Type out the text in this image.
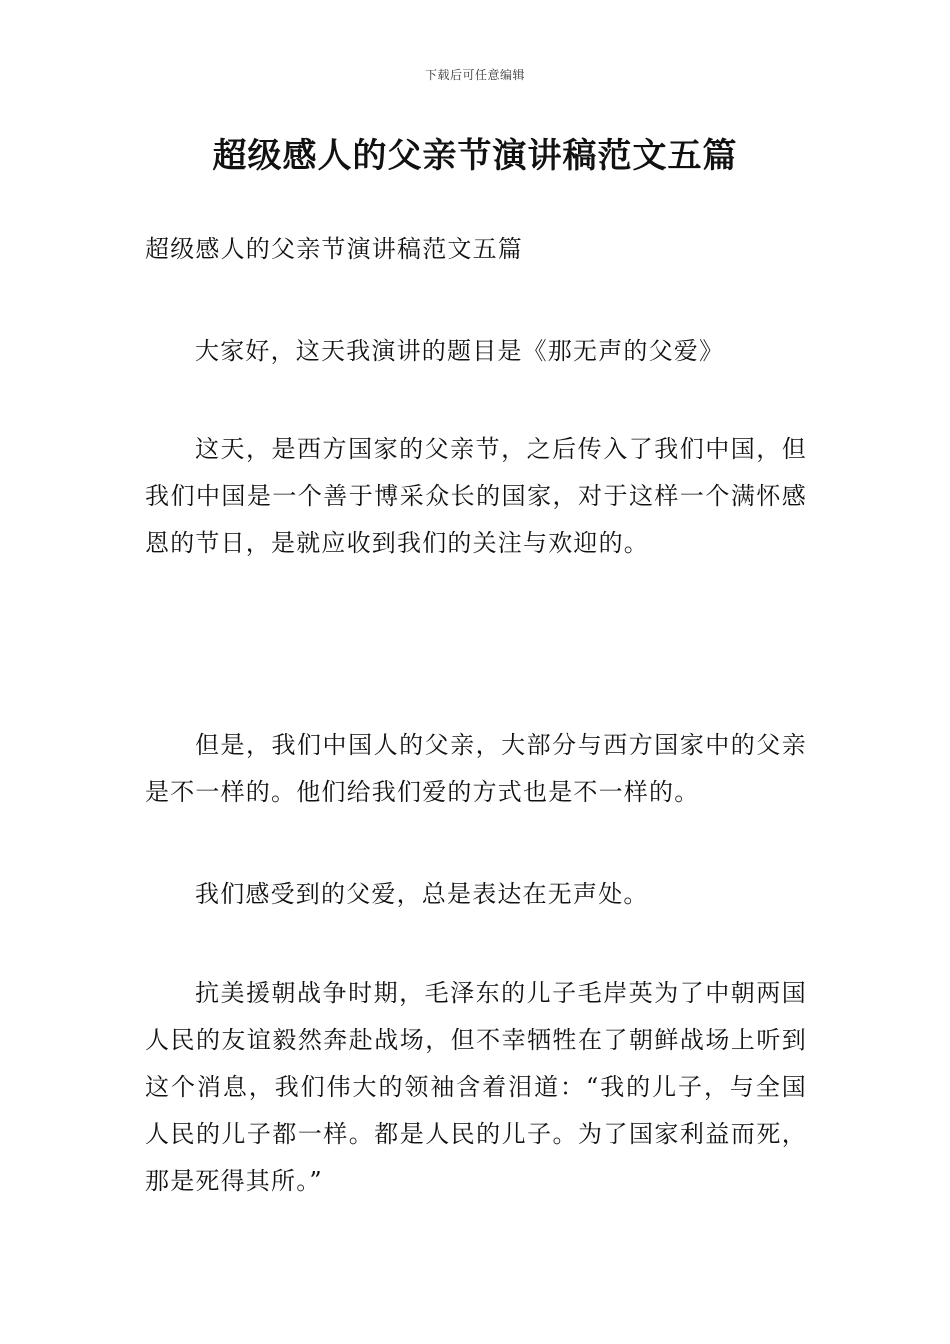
下载后可任意编辑
超级感人的父亲节演讲稿范文五篇

超级感人的父亲节演讲稿范文五篇

大家好，这天我演讲的题目是《那无声的父爱》

这天，是西方国家的父亲节，之后传入了我们中国，但我们中国是一个善于博采众长的国家，对于这样一个满怀感恩的节日，是就应收到我们的关注与欢迎的。

但是，我们中国人的父亲，大部分与西方国家中的父亲是不一样的。他们给我们爱的方式也是不一样的。

我们感受到的父爱，总是表达在无声处。

抗美援朝战争时期，毛泽东的儿子毛岸英为了中朝两国人民的友谊毅然奔赴战场，但不幸牺牲在了朝鲜战场上听到这个消息，我们伟大的领袖含着泪道：“我的儿子，与全国人民的儿子都一样。都是人民的儿子。为了国家利益而死，那是死得其所。”
